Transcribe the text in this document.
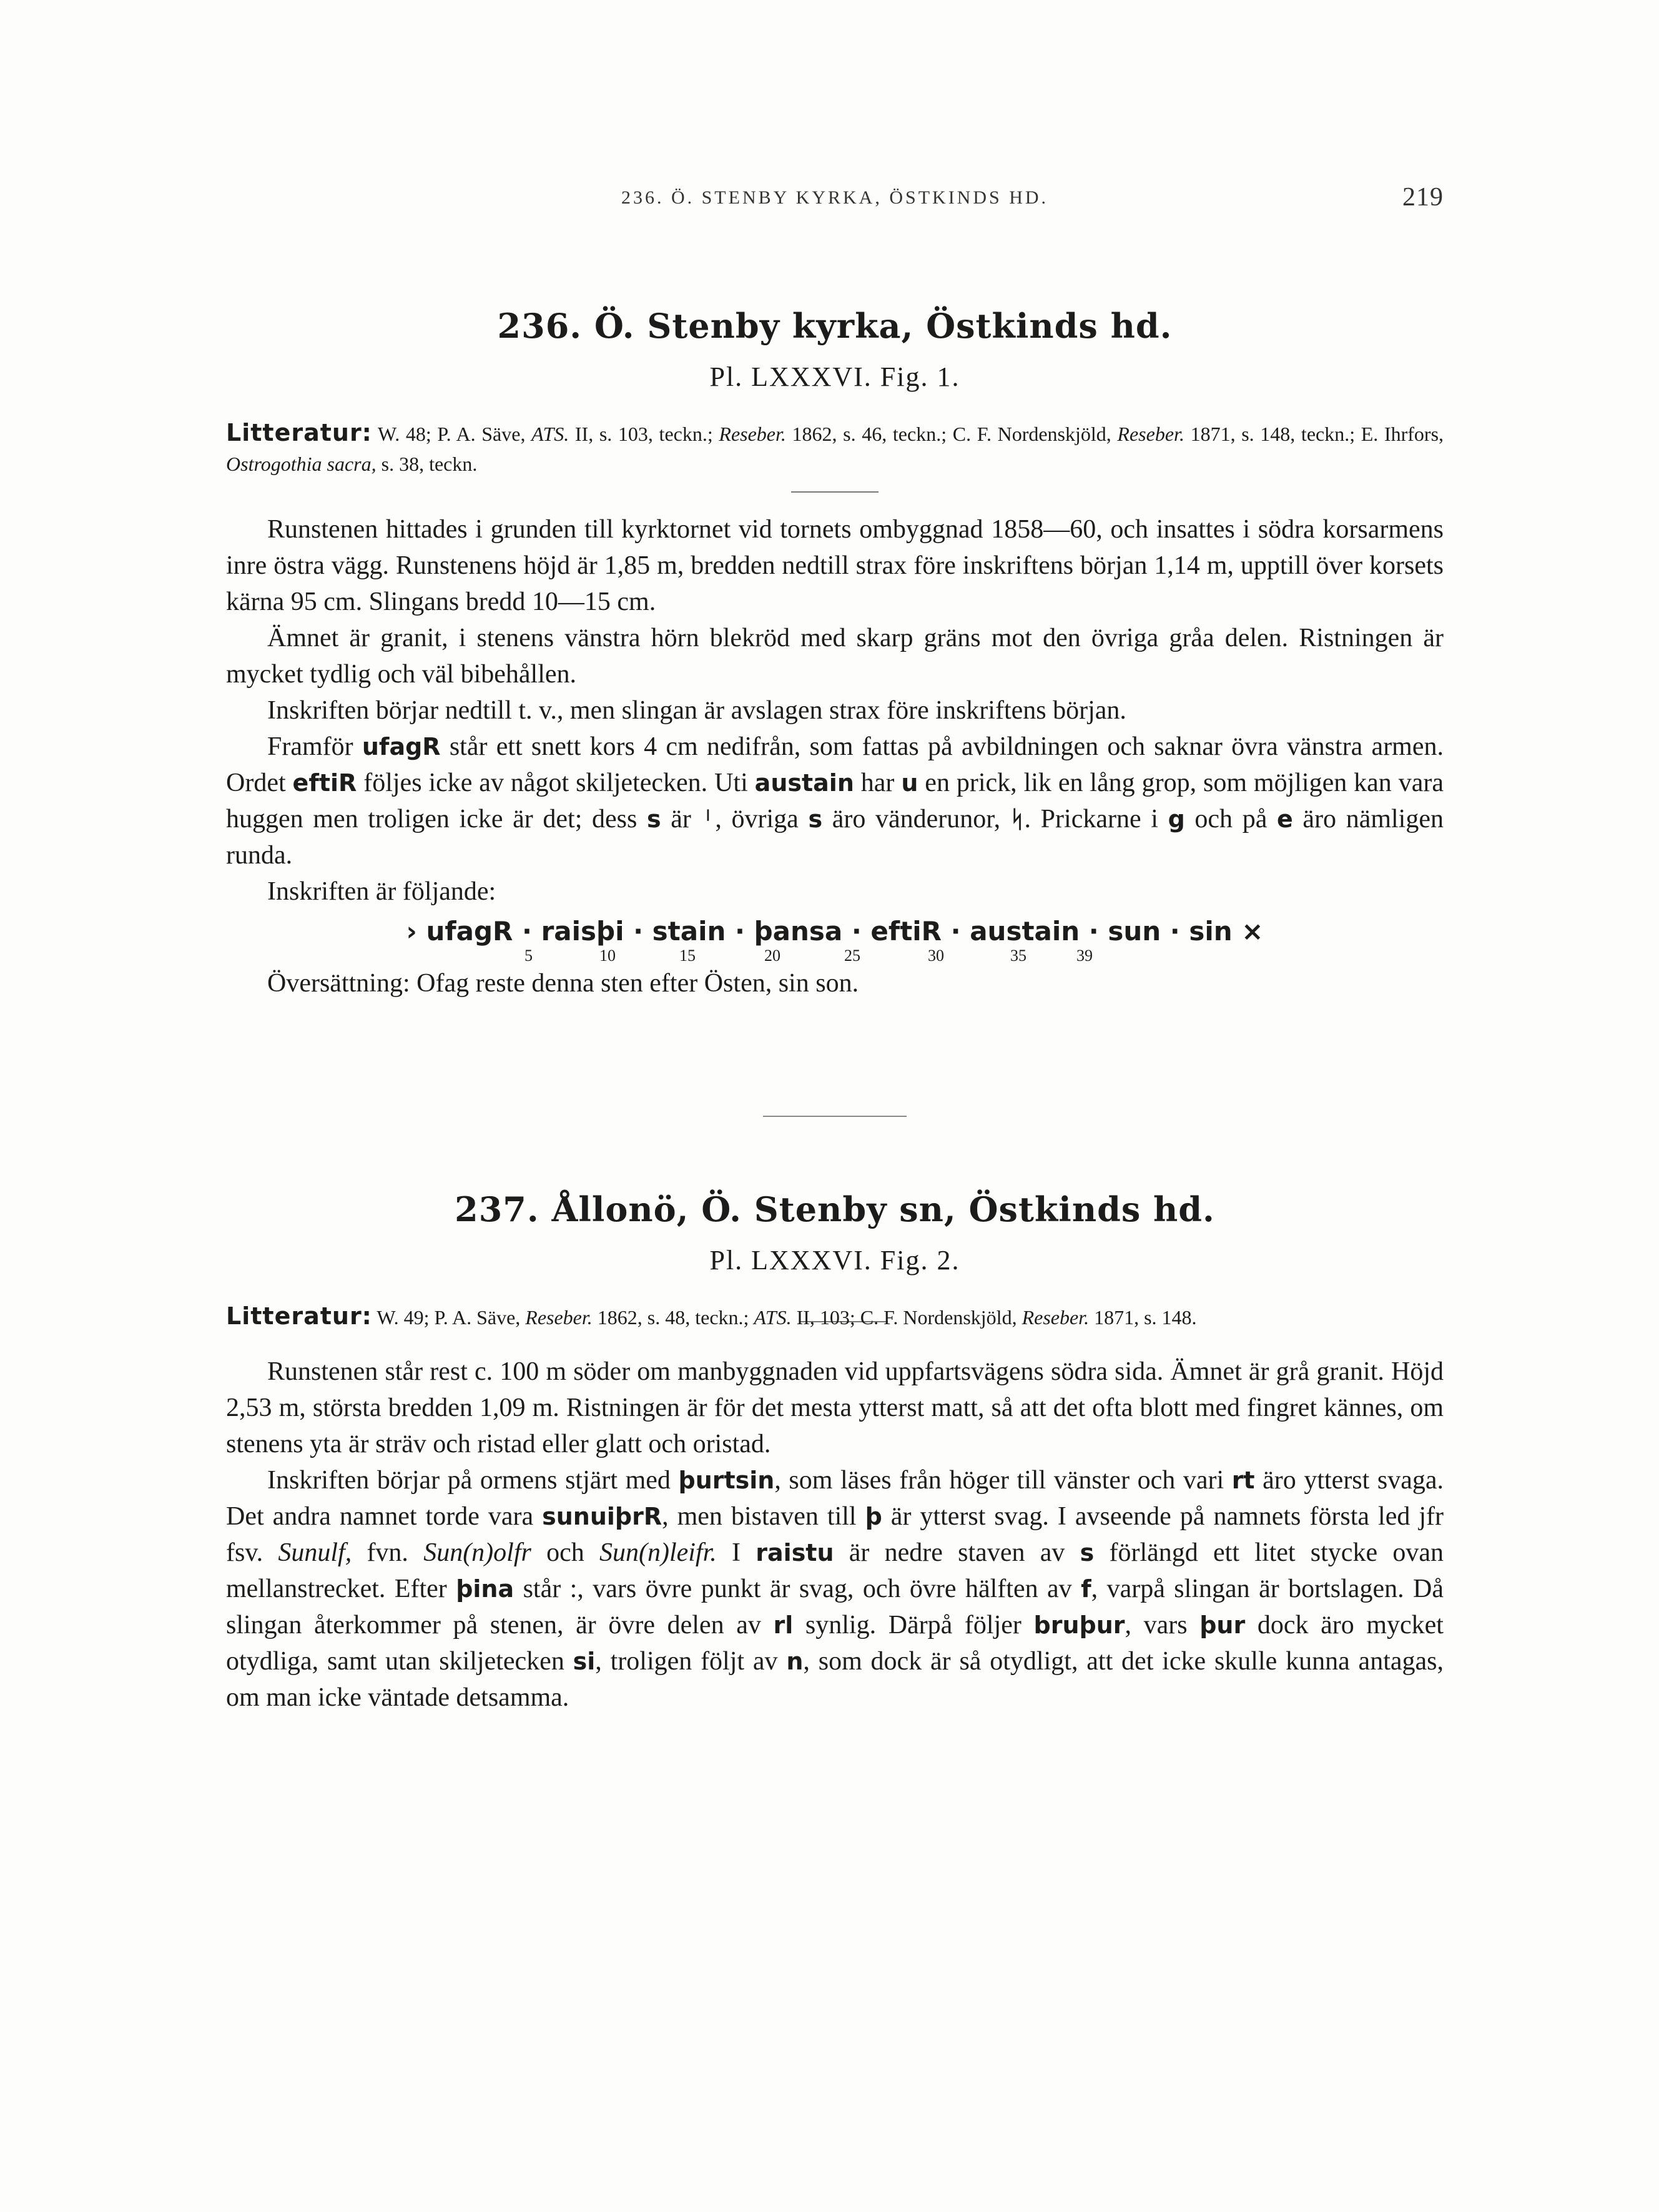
236. Ö. STENBY KYRKA, ÖSTKINDS HD.	219
236. Ö. Stenby kyrka, Östkinds hd.
Pl. LXXXVI. Fig. 1.
Litteratur: W. 48; P. A. Säve, ATS. II, s. 103, teckn.; Reseber. 1862, s. 46, teckn.; C. F. Nordenskjöld, Reseber. 1871, s. 148, teckn.; E. Ihrfors, Ostrogothia sacra, s. 38, teckn.

Runstenen hittades i grunden till kyrktornet vid tornets ombyggnad 1858—60, och insattes i södra korsarmens inre östra vägg. Runstenens höjd är 1,85 m, bredden nedtill strax före inskriftens början 1,14 m, upptill över korsets kärna 95 cm. Slingans bredd 10—15 cm.

Ämnet är granit, i stenens vänstra hörn blekröd med skarp gräns mot den övriga gråa delen. Ristningen är mycket tydlig och väl bibehållen.

Inskriften börjar nedtill t. v., men slingan är avslagen strax före inskriftens början.

Framför ufagR står ett snett kors 4 cm nedifrån, som fattas på avbildningen och saknar övra vänstra armen. Ordet eftiR följes icke av något skiljetecken. Uti austain har u en prick, lik en lång grop, som möjligen kan vara huggen men troligen icke är det; dess s är ᛌ, övriga s äro vänderunor, ᛋ. Prickarne i g och på e äro nämligen runda.

Inskriften är följande:

› ufagR · raisþi · stain · þansa · eftiR · austain · sun · sin ×
5	10	15	20	25	30	35	39

Översättning: Ofag reste denna sten efter Östen, sin son.

237. Ållonö, Ö. Stenby sn, Östkinds hd.
Pl. LXXXVI. Fig. 2.
Litteratur: W. 49; P. A. Säve, Reseber. 1862, s. 48, teckn.; ATS. II, 103; C. F. Nordenskjöld, Reseber. 1871, s. 148.

Runstenen står rest c. 100 m söder om manbyggnaden vid uppfartsvägens södra sida. Ämnet är grå granit. Höjd 2,53 m, största bredden 1,09 m. Ristningen är för det mesta ytterst matt, så att det ofta blott med fingret kännes, om stenens yta är sträv och ristad eller glatt och oristad.

Inskriften börjar på ormens stjärt med þurtsin, som läses från höger till vänster och vari rt äro ytterst svaga. Det andra namnet torde vara sunuiþrR, men bistaven till þ är ytterst svag. I avseende på namnets första led jfr fsv. Sunulf, fvn. Sun(n)olfr och Sun(n)leifr. I raistu är nedre staven av s förlängd ett litet stycke ovan mellanstrecket. Efter þina står :, vars övre punkt är svag, och övre hälften av f, varpå slingan är bortslagen. Då slingan återkommer på stenen, är övre delen av rl synlig. Därpå följer bruþur, vars þur dock äro mycket otydliga, samt utan skiljetecken si, troligen följt av n, som dock är så otydligt, att det icke skulle kunna antagas, om man icke väntade detsamma.
